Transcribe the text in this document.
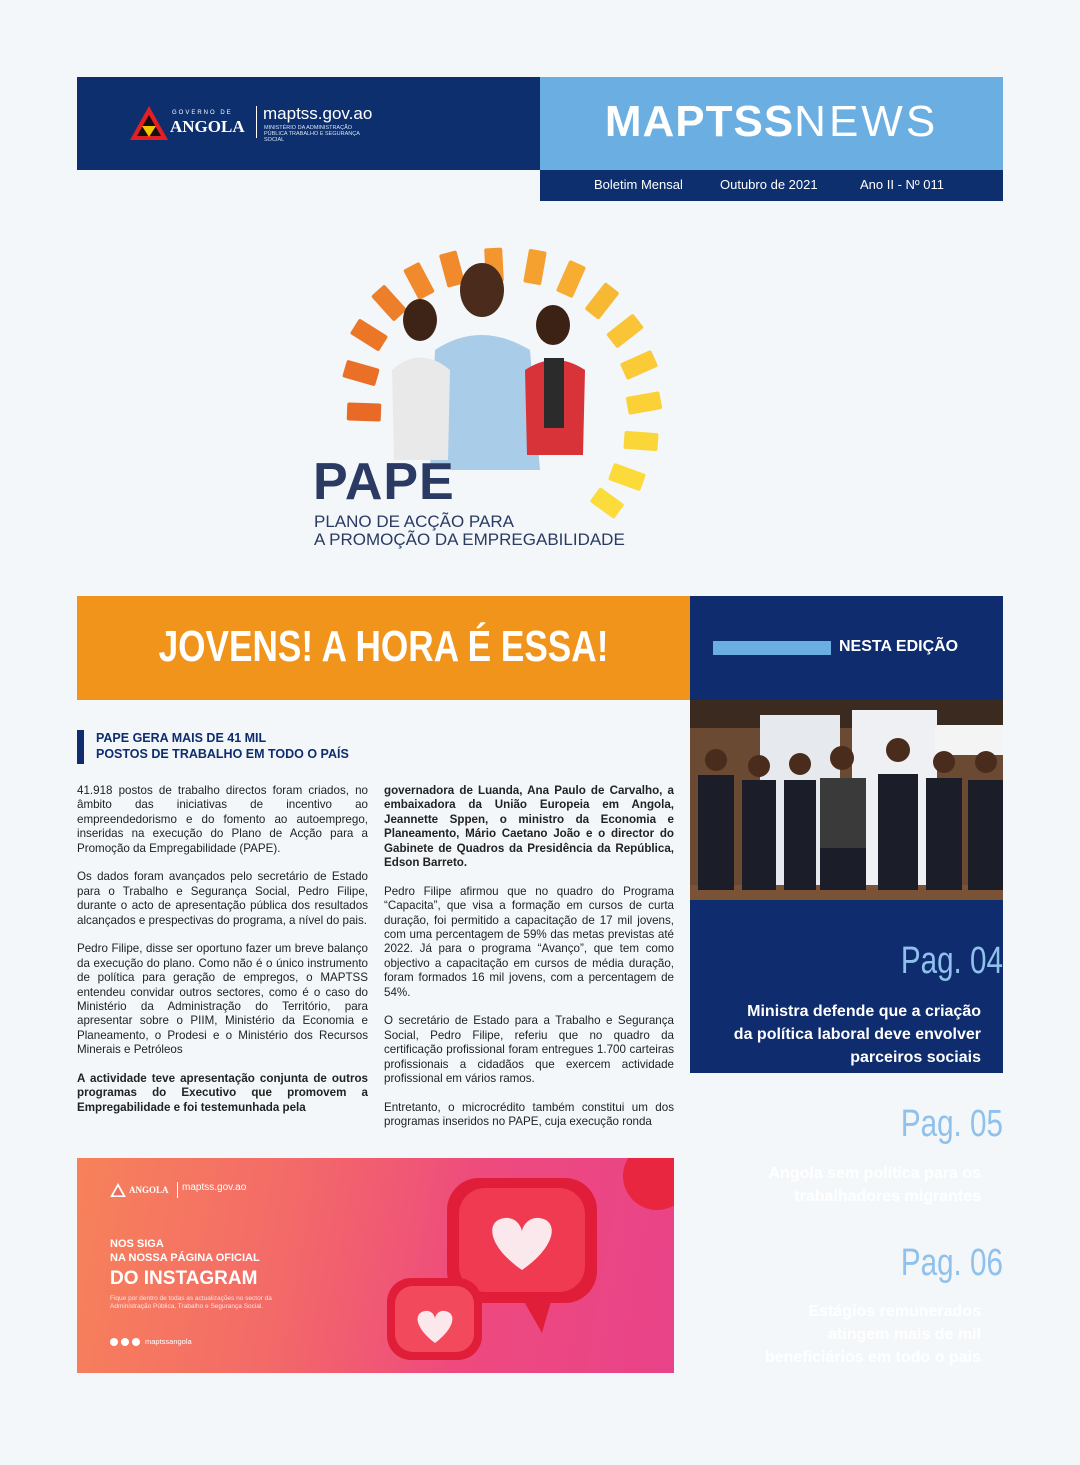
GOVERNO DE
ANGOLA
maptss.gov.ao
MINISTÉRIO DA ADMINISTRAÇÃO PÚBLICA TRABALHO E SEGURANÇA SOCIAL	MAPTSSNEWS
Boletim Mensal	Outubro de 2021	Ano II - Nº 011
PAPE
PLANO DE ACÇÃO PARA
A PROMOÇÃO DA EMPREGABILIDADE
JOVENS! A HORA É ESSA!	NESTA EDIÇÃO
Pag. 04
Ministra defende que a criação
da política laboral deve envolver
parceiros sociais
Pag. 05
Angola sem política para os
trabalhadores migrantes
Pag. 06
Estágios remunerados
atingem mais de mil
beneficiários em todo o pais
PAPE GERA MAIS DE 41 MIL
POSTOS DE TRABALHO EM TODO O PAÍS

41.918 postos de trabalho directos foram criados, no âmbito das iniciativas de incentivo ao empreendedorismo e do fomento ao autoemprego, inseridas na execução do Plano de Acção para a Promoção da Empregabilidade (PAPE).

Os dados foram avançados pelo secretário de Estado para o Trabalho e Segurança Social, Pedro Filipe, durante o acto de apresentação pública dos resultados alcançados e prespectivas do programa, a nível do pais.

Pedro Filipe, disse ser oportuno fazer um breve balanço da execução do plano. Como não é o único instrumento de política para geração de empregos, o MAPTSS entendeu convidar outros sectores, como é o caso do Ministério da Administração do Território, para apresentar sobre o PIIM, Ministério da Economia e Planeamento, o Prodesi e o Ministério dos Recursos Minerais e Petróleos

A actividade teve apresentação conjunta de outros programas do Executivo que promovem a Empregabilidade e foi testemunhada pela

governadora de Luanda, Ana Paulo de Carvalho, a embaixadora da União Europeia em Angola, Jeannette Sppen, o ministro da Economia e Planeamento, Mário Caetano João e o director do Gabinete de Quadros da Presidência da República, Edson Barreto.

Pedro Filipe afirmou que no quadro do Programa “Capacita”, que visa a formação em cursos de curta duração, foi permitido a capacitação de 17 mil jovens, com uma percentagem de 59% das metas previstas até 2022. Já para o programa “Avanço”, que tem como objectivo a capacitação em cursos de média duração, foram formados 16 mil jovens, com a percentagem de 54%.

O secretário de Estado para a Trabalho e Segurança Social, Pedro Filipe, referiu que no quadro da certificação profissional foram entregues 1.700 carteiras profissionais a cidadãos que exercem actividade profissional em vários ramos.

Entretanto, o microcrédito também constitui um dos programas inseridos no PAPE, cuja execução ronda

ANGOLA maptss.gov.ao
NOS SIGA
NA NOSSA PÁGINA OFICIAL
DO INSTAGRAM
Fique por dentro de todas as actualizações no sector da Administração Pública, Trabalho e Segurança Social.
maptssangola
